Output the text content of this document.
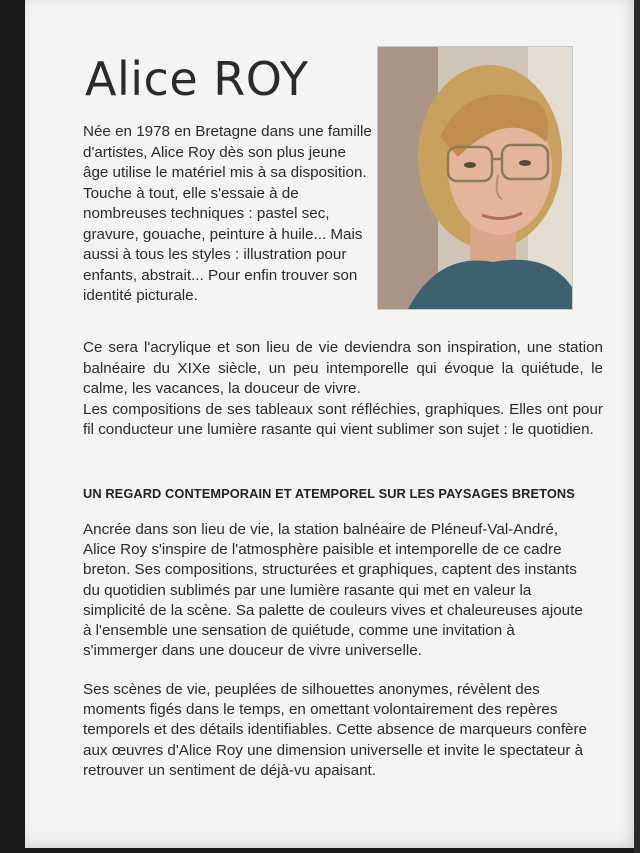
Alice ROY

Née en 1978 en Bretagne dans une famille d'artistes, Alice Roy dès son plus jeune âge utilise le matériel mis à sa disposition. Touche à tout, elle s'essaie à de nombreuses techniques : pastel sec, gravure, gouache, peinture à huile... Mais aussi à tous les styles : illustration pour enfants, abstrait... Pour enfin trouver son identité picturale.

Ce sera l'acrylique et son lieu de vie deviendra son inspiration, une station balnéaire du XIXe siècle, un peu intemporelle qui évoque la quiétude, le calme, les vacances, la douceur de vivre.
Les compositions de ses tableaux sont réfléchies, graphiques. Elles ont pour fil conducteur une lumière rasante qui vient sublimer son sujet : le quotidien.
UN REGARD CONTEMPORAIN ET ATEMPOREL SUR LES PAYSAGES BRETONS

Ancrée dans son lieu de vie, la station balnéaire de Pléneuf-Val-André, Alice Roy s'inspire de l'atmosphère paisible et intemporelle de ce cadre breton. Ses compositions, structurées et graphiques, captent des instants du quotidien sublimés par une lumière rasante qui met en valeur la simplicité de la scène. Sa palette de couleurs vives et chaleureuses ajoute à l'ensemble une sensation de quiétude, comme une invitation à s'immerger dans une douceur de vivre universelle.

Ses scènes de vie, peuplées de silhouettes anonymes, révèlent des moments figés dans le temps, en omettant volontairement des repères temporels et des détails identifiables. Cette absence de marqueurs confère aux œuvres d'Alice Roy une dimension universelle et invite le spectateur à retrouver un sentiment de déjà-vu apaisant.
